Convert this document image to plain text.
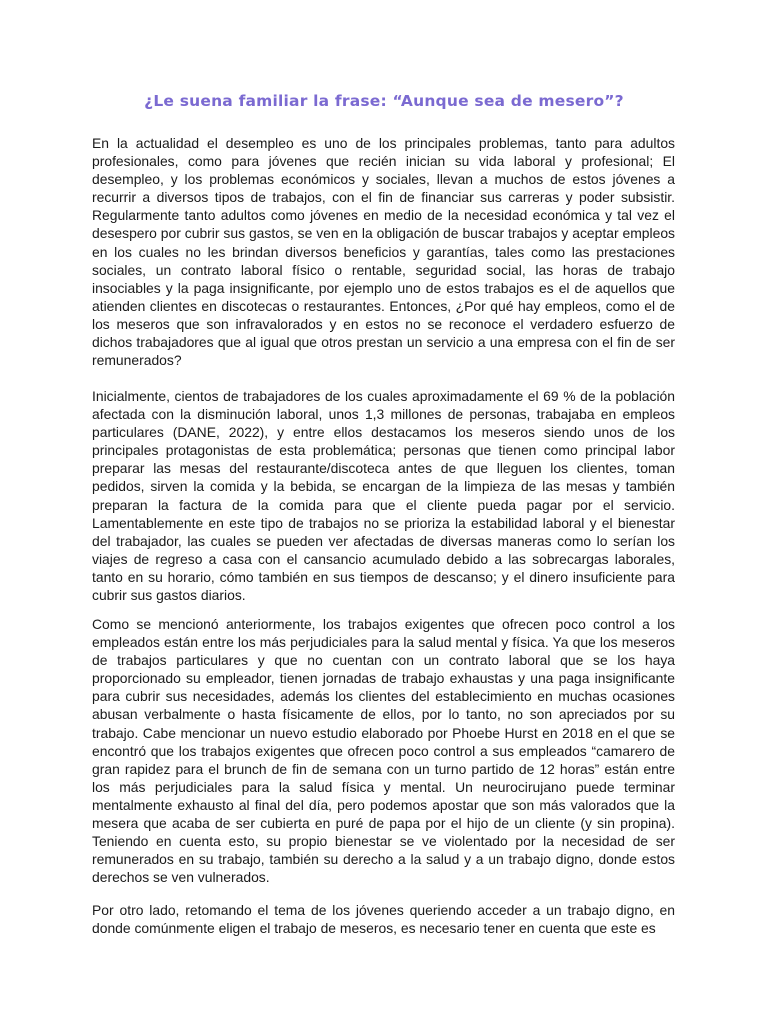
¿Le suena familiar la frase: “Aunque sea de mesero”?

En la actualidad el desempleo es uno de los principales problemas, tanto para adultos profesionales, como para jóvenes que recién inician su vida laboral y profesional; El desempleo, y los problemas económicos y sociales, llevan a muchos de estos jóvenes a recurrir a diversos tipos de trabajos, con el fin de financiar sus carreras y poder subsistir. Regularmente tanto adultos como jóvenes en medio de la necesidad económica y tal vez el desespero por cubrir sus gastos, se ven en la obligación de buscar trabajos y aceptar empleos en los cuales no les brindan diversos beneficios y garantías, tales como las prestaciones sociales, un contrato laboral físico o rentable, seguridad social, las horas de trabajo insociables y la paga insignificante, por ejemplo uno de estos trabajos es el de aquellos que atienden clientes en discotecas o restaurantes. Entonces, ¿Por qué hay empleos, como el de los meseros que son infravalorados y en estos no se reconoce el verdadero esfuerzo de dichos trabajadores que al igual que otros prestan un servicio a una empresa con el fin de ser remunerados?

Inicialmente, cientos de trabajadores de los cuales aproximadamente el 69 % de la población afectada con la disminución laboral, unos 1,3 millones de personas, trabajaba en empleos particulares (DANE, 2022), y entre ellos destacamos los meseros siendo unos de los principales protagonistas de esta problemática; personas que tienen como principal labor preparar las mesas del restaurante/discoteca antes de que lleguen los clientes, toman pedidos, sirven la comida y la bebida, se encargan de la limpieza de las mesas y también preparan la factura de la comida para que el cliente pueda pagar por el servicio. Lamentablemente en este tipo de trabajos no se prioriza la estabilidad laboral y el bienestar del trabajador, las cuales se pueden ver afectadas de diversas maneras como lo serían los viajes de regreso a casa con el cansancio acumulado debido a las sobrecargas laborales, tanto en su horario, cómo también en sus tiempos de descanso; y el dinero insuficiente para cubrir sus gastos diarios.

Como se mencionó anteriormente, los trabajos exigentes que ofrecen poco control a los empleados están entre los más perjudiciales para la salud mental y física. Ya que los meseros de trabajos particulares y que no cuentan con un contrato laboral que se los haya proporcionado su empleador, tienen jornadas de trabajo exhaustas y una paga insignificante para cubrir sus necesidades, además los clientes del establecimiento en muchas ocasiones abusan verbalmente o hasta físicamente de ellos, por lo tanto, no son apreciados por su trabajo. Cabe mencionar un nuevo estudio elaborado por Phoebe Hurst en 2018 en el que se encontró que los trabajos exigentes que ofrecen poco control a sus empleados “camarero de gran rapidez para el brunch de fin de semana con un turno partido de 12 horas” están entre los más perjudiciales para la salud física y mental. Un neurocirujano puede terminar mentalmente exhausto al final del día, pero podemos apostar que son más valorados que la mesera que acaba de ser cubierta en puré de papa por el hijo de un cliente (y sin propina). Teniendo en cuenta esto, su propio bienestar se ve violentado por la necesidad de ser remunerados en su trabajo, también su derecho a la salud y a un trabajo digno, donde estos derechos se ven vulnerados.

Por otro lado, retomando el tema de los jóvenes queriendo acceder a un trabajo digno, en donde comúnmente eligen el trabajo de meseros, es necesario tener en cuenta que este es
